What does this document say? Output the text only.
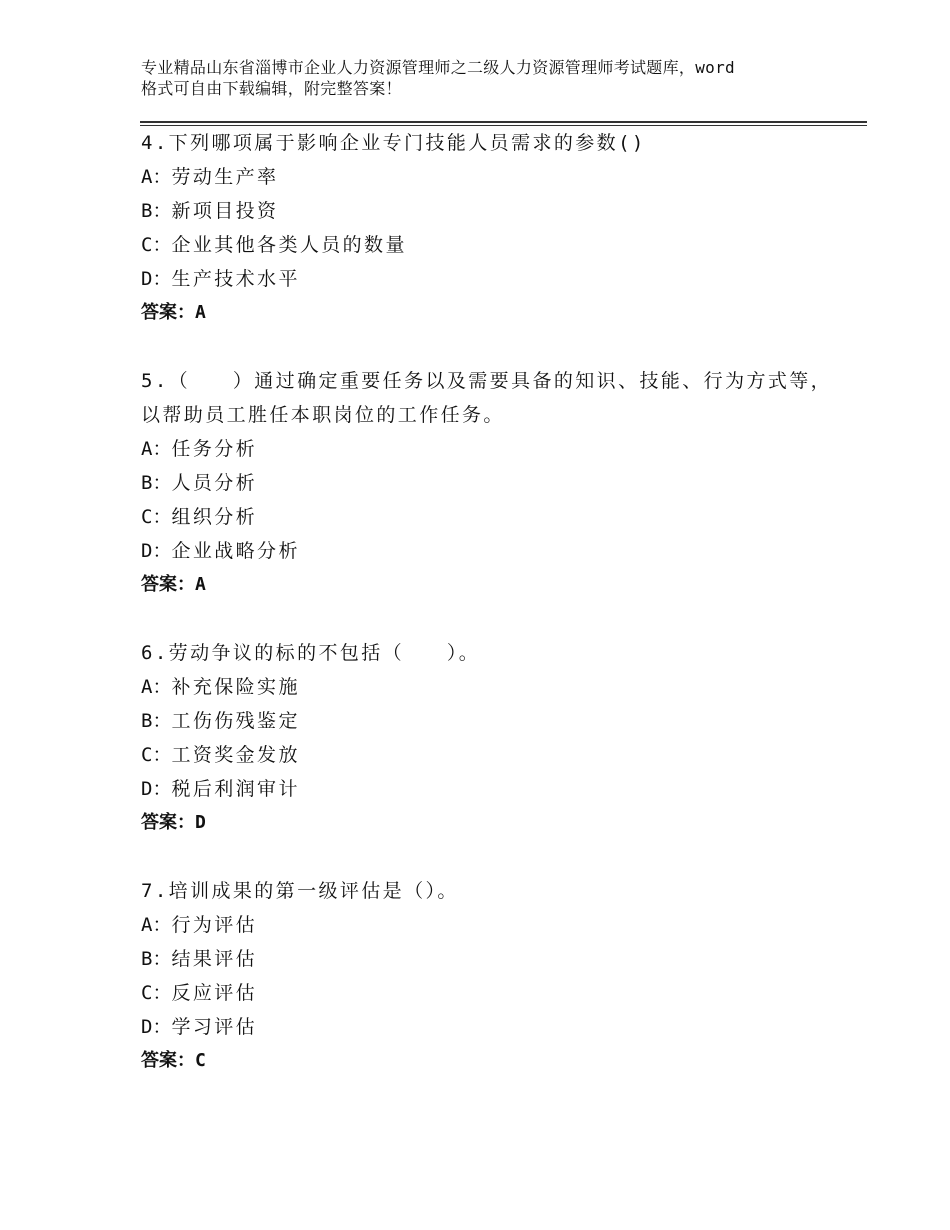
专业精品山东省淄博市企业人力资源管理师之二级人力资源管理师考试题库，word
格式可自由下载编辑，附完整答案！
4.下列哪项属于影响企业专门技能人员需求的参数()
A：劳动生产率
B：新项目投资
C：企业其他各类人员的数量
D：生产技术水平
答案：A
5.（　　）通过确定重要任务以及需要具备的知识、技能、行为方式等，以帮助员工胜任本职岗位的工作任务。
A：任务分析
B：人员分析
C：组织分析
D：企业战略分析
答案：A
6.劳动争议的标的不包括（　　）。
A：补充保险实施
B：工伤伤残鉴定
C：工资奖金发放
D：税后利润审计
答案：D
7.培训成果的第一级评估是（）。
A：行为评估
B：结果评估
C：反应评估
D：学习评估
答案：C
